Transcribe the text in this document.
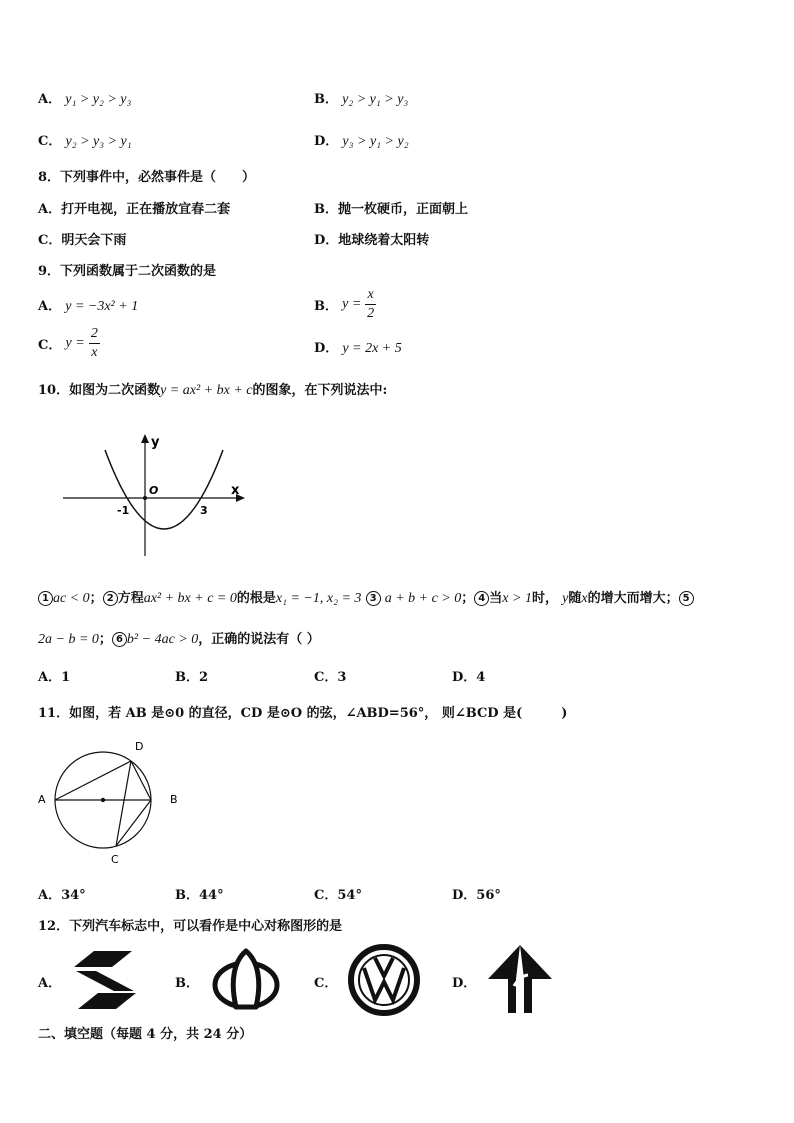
A． y₁ > y₂ > y₃	B． y₂ > y₁ > y₃
C． y₂ > y₃ > y₁	D． y₃ > y₁ > y₂
8．下列事件中，必然事件是（　　）
A．打开电视，正在播放宜春二套	B．抛一枚硬币，正面朝上
C．明天会下雨	D．地球绕着太阳转
9．下列函数属于二次函数的是
A． y = −3x² + 1	B． $y = \frac{x}{2}$
C． $y = \frac{2}{x}$	D． y = 2x + 5
10．如图为二次函数y = ax² + bx + c的图象，在下列说法中:
y
x
O
-1	3
1 ac < 0； 2 方程ax² + bx + c = 0的根是x₁ = −1, x₂ = 3 3 a + b + c > 0； 4 当x > 1时， y随x的增大而增大； 5
2a − b = 0； 6 b² − 4ac > 0，正确的说法有（ ）
A．1	B．2	C．3	D．4
11．如图，若 AB 是⊙0 的直径，CD 是⊙O 的弦，∠ABD=56°， 则∠BCD 是(　　　)
A	B
D
C
A．34°	B．44°	C．54°	D．56°
12．下列汽车标志中，可以看作是中心对称图形的是
A．	B．	C．	D．
二、填空题（每题 4 分，共 24 分）
